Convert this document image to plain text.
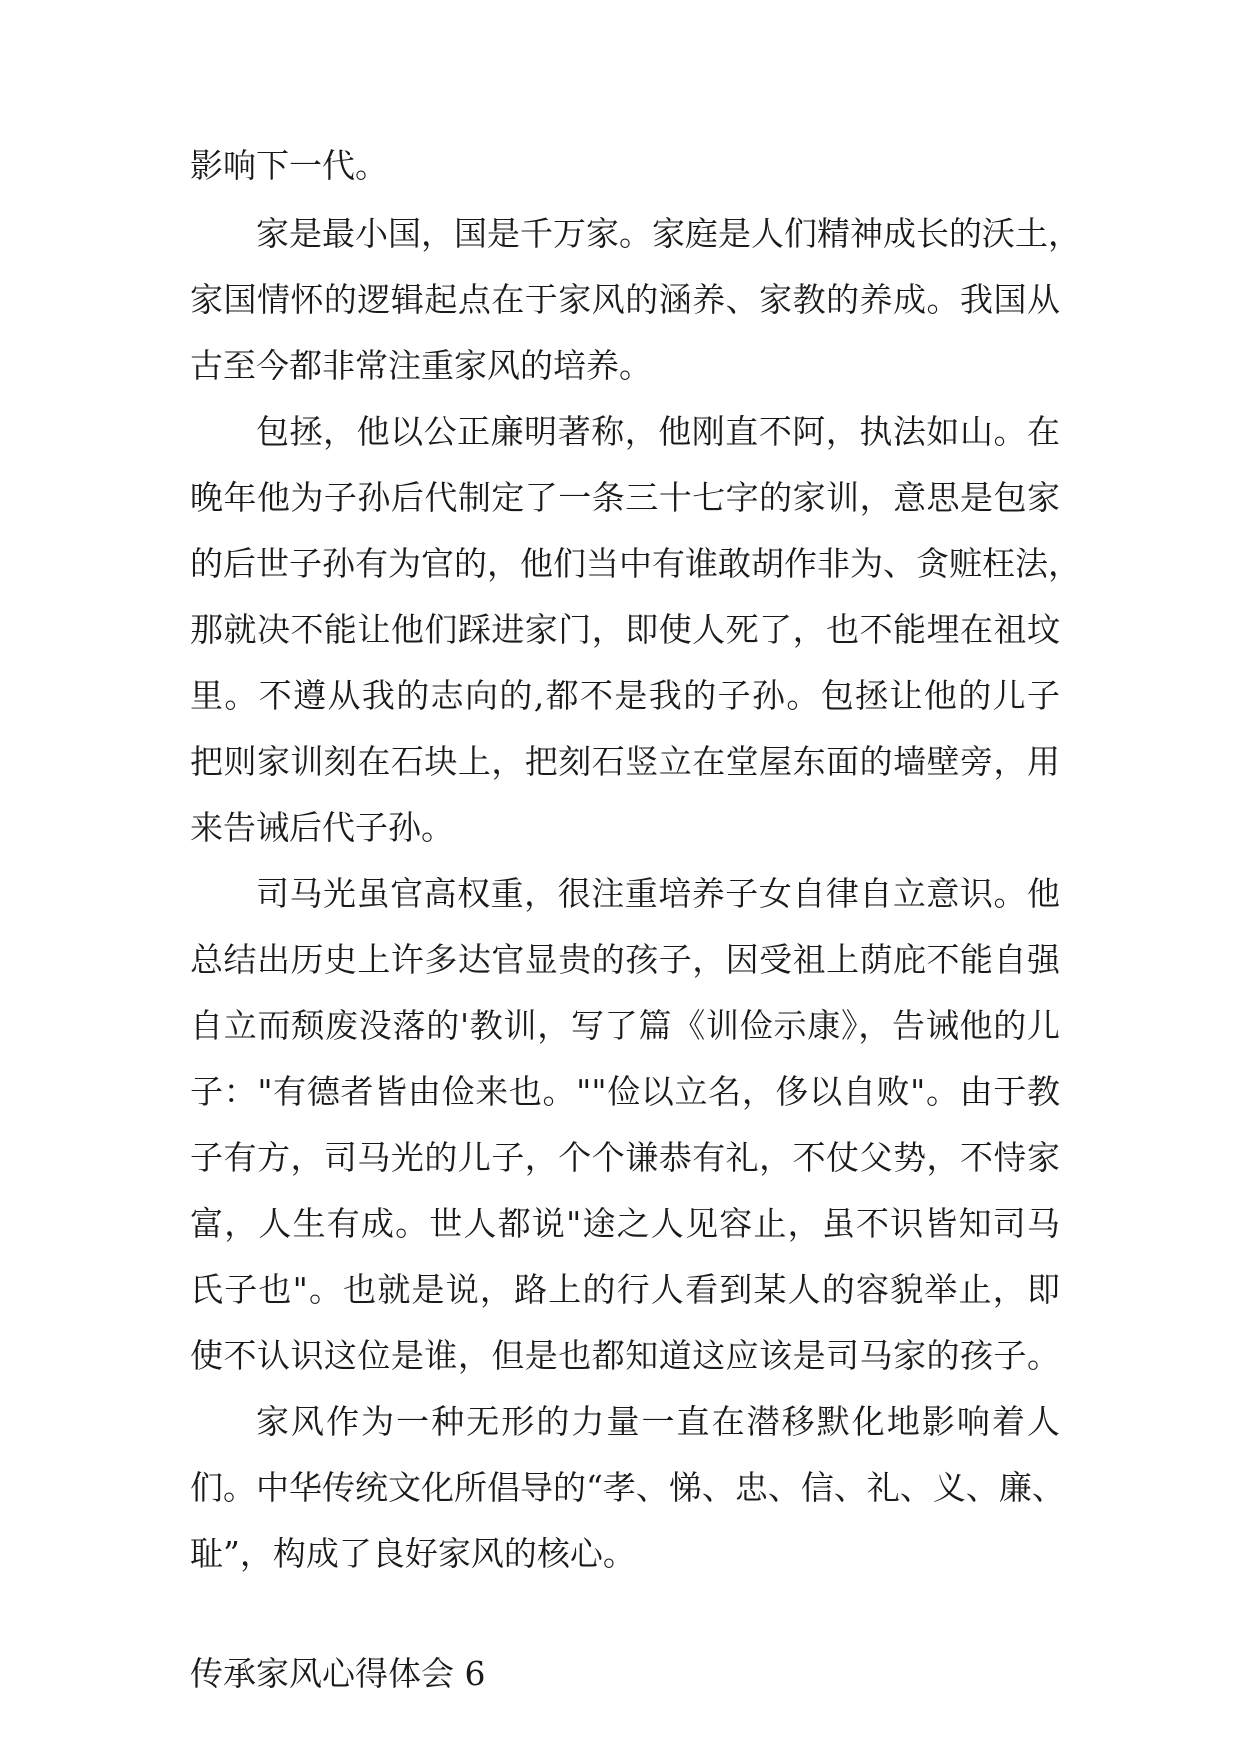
影响下一代。
家是最小国，国是千万家。家庭是人们精神成长的沃土，
家国情怀的逻辑起点在于家风的涵养、家教的养成。我国从
古至今都非常注重家风的培养。
包拯，他以公正廉明著称，他刚直不阿，执法如山。在
晚年他为子孙后代制定了一条三十七字的家训，意思是包家
的后世子孙有为官的，他们当中有谁敢胡作非为、贪赃枉法，
那就决不能让他们踩进家门，即使人死了，也不能埋在祖坟
里。不遵从我的志向的,都不是我的子孙。包拯让他的儿子
把则家训刻在石块上，把刻石竖立在堂屋东面的墙壁旁，用
来告诫后代子孙。
司马光虽官高权重，很注重培养子女自律自立意识。他
总结出历史上许多达官显贵的孩子，因受祖上荫庇不能自强
自立而颓废没落的'教训，写了篇《训俭示康》，告诫他的儿
子："有德者皆由俭来也。""俭以立名，侈以自败"。由于教
子有方，司马光的儿子，个个谦恭有礼，不仗父势，不恃家
富，人生有成。世人都说"途之人见容止，虽不识皆知司马
氏子也"。也就是说，路上的行人看到某人的容貌举止，即
使不认识这位是谁，但是也都知道这应该是司马家的孩子。
家风作为一种无形的力量一直在潜移默化地影响着人
们。中华传统文化所倡导的“孝、悌、忠、信、礼、义、廉、
耻”，构成了良好家风的核心。
传承家风心得体会 6
